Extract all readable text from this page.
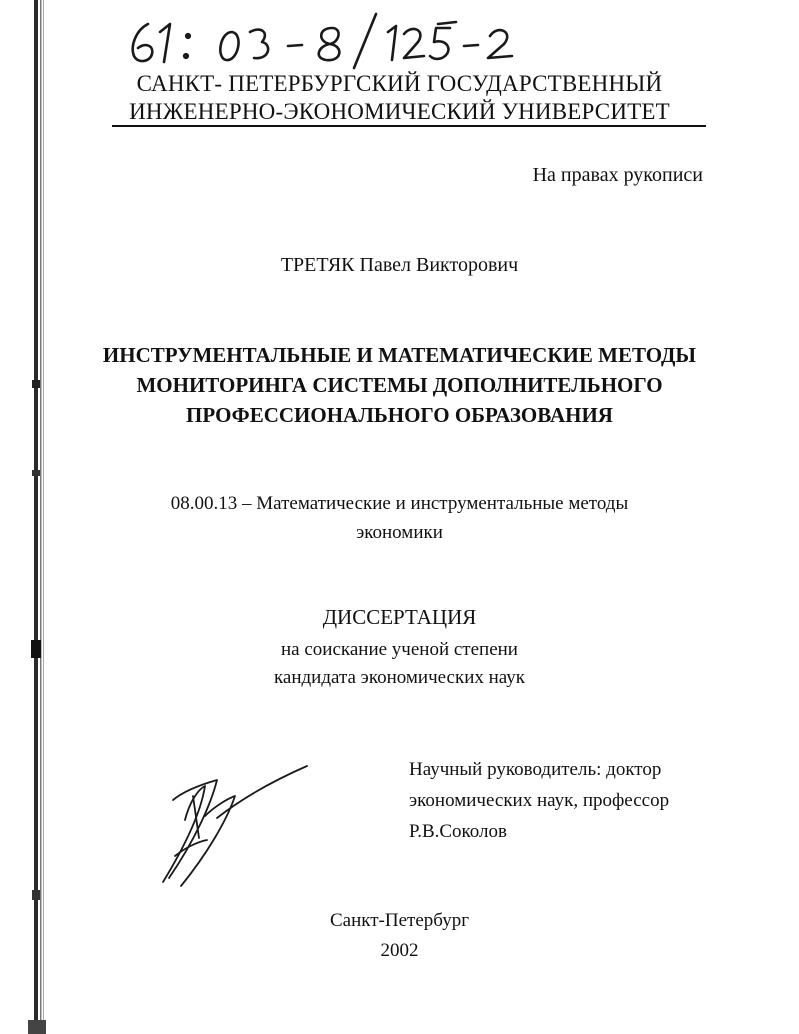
САНКТ- ПЕТЕРБУРГСКИЙ ГОСУДАРСТВЕННЫЙ

ИНЖЕНЕРНО-ЭКОНОМИЧЕСКИЙ УНИВЕРСИТЕТ

На правах рукописи

ТРЕТЯК Павел Викторович

ИНСТРУМЕНТАЛЬНЫЕ И МАТЕМАТИЧЕСКИЕ МЕТОДЫ

МОНИТОРИНГА СИСТЕМЫ ДОПОЛНИТЕЛЬНОГО

ПРОФЕССИОНАЛЬНОГО ОБРАЗОВАНИЯ

08.00.13 – Математические и инструментальные методы

экономики

ДИССЕРТАЦИЯ

на соискание ученой степени

кандидата экономических наук

Научный руководитель: доктор

экономических наук, профессор

Р.В.Соколов

Санкт-Петербург

2002
